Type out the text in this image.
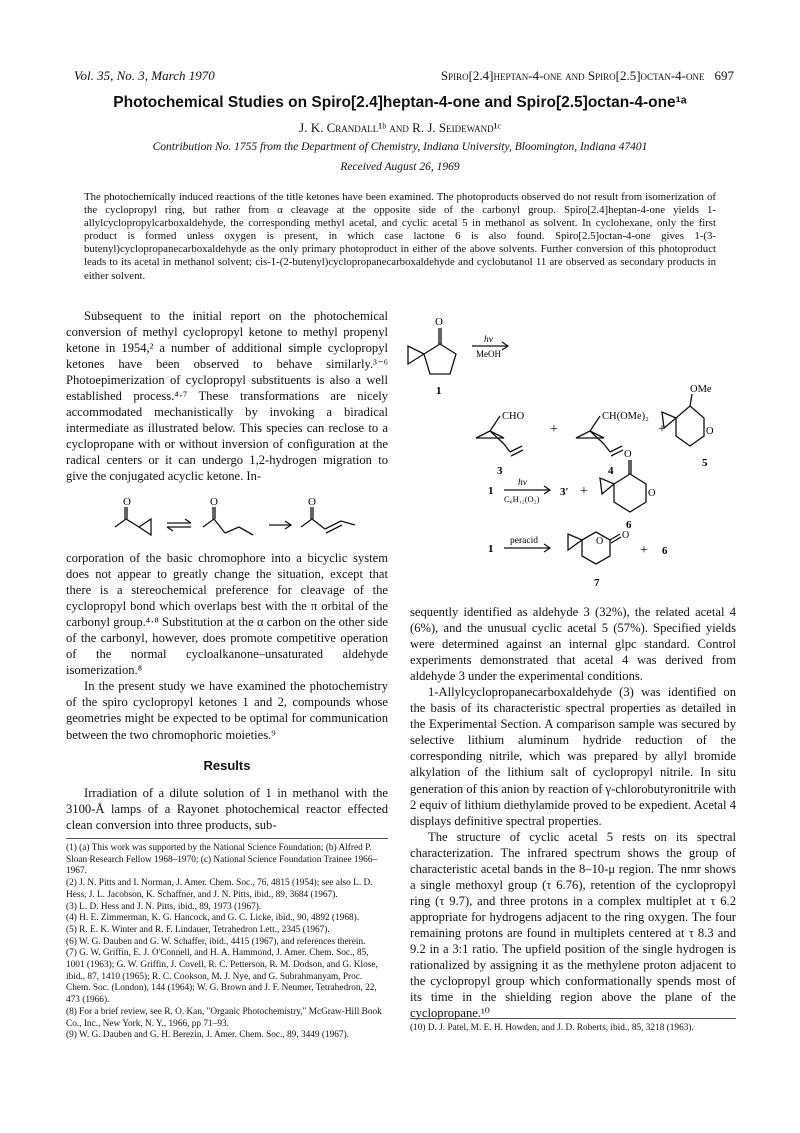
Vol. 35, No. 3, March 1970	Spiro[2.4]heptan-4-one and Spiro[2.5]octan-4-one 697
Photochemical Studies on Spiro[2.4]heptan-4-one and Spiro[2.5]octan-4-one¹ᵃ
J. K. Crandall¹ᵇ and R. J. Seidewand¹ᶜ
Contribution No. 1755 from the Department of Chemistry, Indiana University, Bloomington, Indiana 47401
Received August 26, 1969
The photochemically induced reactions of the title ketones have been examined. The photoproducts observed do not result from isomerization of the cyclopropyl ring, but rather from α cleavage at the opposite side of the carbonyl group. Spiro[2.4]heptan-4-one yields 1-allylcyclopropylcarboxaldehyde, the corresponding methyl acetal, and cyclic acetal 5 in methanol as solvent. In cyclohexane, only the first product is formed unless oxygen is present, in which case lactone 6 is also found. Spiro[2.5]octan-4-one gives 1-(3-butenyl)cyclopropanecarboxaldehyde as the only primary photoproduct in either of the above solvents. Further conversion of this photoproduct leads to its acetal in methanol solvent; cis-1-(2-butenyl)cyclopropanecarboxaldehyde and cyclobutanol 11 are observed as secondary products in either solvent.

Subsequent to the initial report on the photochemical conversion of methyl cyclopropyl ketone to methyl propenyl ketone in 1954,² a number of additional simple cyclopropyl ketones have been observed to behave similarly.³⁻⁶ Photoepimerization of cyclopropyl substituents is also a well established process.⁴·⁷ These transformations are nicely accommodated mechanistically by invoking a biradical intermediate as illustrated below. This species can reclose to a cyclopropane with or without inversion of configuration at the radical centers or it can undergo 1,2-hydrogen migration to give the conjugated acyclic ketone. In-

O	O	O

corporation of the basic chromophore into a bicyclic system does not appear to greatly change the situation, except that there is a stereochemical preference for cleavage of the cyclopropyl bond which overlaps best with the π orbital of the carbonyl group.⁴·⁸ Substitution at the α carbon on the other side of the carbonyl, however, does promote competitive operation of the normal cycloalkanone–unsaturated aldehyde isomerization.⁸

In the present study we have examined the photochemistry of the spiro cyclopropyl ketones 1 and 2, compounds whose geometries might be expected to be optimal for communication between the two chromophoric moieties.⁹

Results

Irradiation of a dilute solution of 1 in methanol with the 3100-Å lamps of a Rayonet photochemical reactor effected clean conversion into three products, sub-

(1) (a) This work was supported by the National Science Foundation; (b) Alfred P. Sloan Research Fellow 1968–1970; (c) National Science Foundation Trainee 1966–1967.
(2) J. N. Pitts and I. Norman, J. Amer. Chem. Soc., 76, 4815 (1954); see also L. D. Hess, J. L. Jacobson, K. Schaffner, and J. N. Pitts, ibid., 89, 3684 (1967).
(3) L. D. Hess and J. N. Pitts, ibid., 89, 1973 (1967).
(4) H. E. Zimmerman, K. G. Hancock, and G. C. Licke, ibid., 90, 4892 (1968).
(5) R. E. K. Winter and R. F. Lindauer, Tetrahedron Lett., 2345 (1967).
(6) W. G. Dauben and G. W. Schaffer, ibid., 4415 (1967), and references therein.
(7) G. W. Griffin, E. J. O'Connell, and H. A. Hammond, J. Amer. Chem. Soc., 85, 1001 (1963); G. W. Griffin, J. Covell, R. C. Petterson, R. M. Dodson, and G. Klose, ibid., 87, 1410 (1965); R. C. Cookson, M. J. Nye, and G. Subrahmanyam, Proc. Chem. Soc. (London), 144 (1964); W. G. Brown and J. F. Neumer, Tetrahedron, 22, 473 (1966).
(8) For a brief review, see R. O. Kan, "Organic Photochemistry," McGraw-Hill Book Co., Inc., New York, N. Y., 1966, pp 71–93.
(9) W. G. Dauben and G. H. Berezin, J. Amer. Chem. Soc., 89, 3449 (1967).
O
1
hν
MeOH
CHO
3
+
CH(OMe)₂
4
+
OMe
O
5
1
hν
C₆H₁₂(O₂)
3′ +
O
O
6
1
peracid	O
O
+ 6
7

sequently identified as aldehyde 3 (32%), the related acetal 4 (6%), and the unusual cyclic acetal 5 (57%). Specified yields were determined against an internal glpc standard. Control experiments demonstrated that acetal 4 was derived from aldehyde 3 under the experimental conditions.

1-Allylcyclopropanecarboxaldehyde (3) was identified on the basis of its characteristic spectral properties as detailed in the Experimental Section. A comparison sample was secured by selective lithium aluminum hydride reduction of the corresponding nitrile, which was prepared by allyl bromide alkylation of the lithium salt of cyclopropyl nitrile. In situ generation of this anion by reaction of γ-chlorobutyronitrile with 2 equiv of lithium diethylamide proved to be expedient. Acetal 4 displays definitive spectral properties.

The structure of cyclic acetal 5 rests on its spectral characterization. The infrared spectrum shows the group of characteristic acetal bands in the 8–10-μ region. The nmr shows a single methoxyl group (τ 6.76), retention of the cyclopropyl ring (τ 9.7), and three protons in a complex multiplet at τ 6.2 appropriate for hydrogens adjacent to the ring oxygen. The four remaining protons are found in multiplets centered at τ 8.3 and 9.2 in a 3:1 ratio. The upfield position of the single hydrogen is rationalized by assigning it as the methylene proton adjacent to the cyclopropyl group which conformationally spends most of its time in the shielding region above the plane of the cyclopropane.¹⁰

(10) D. J. Patel, M. E. H. Howden, and J. D. Roberts, ibid., 85, 3218 (1963).
